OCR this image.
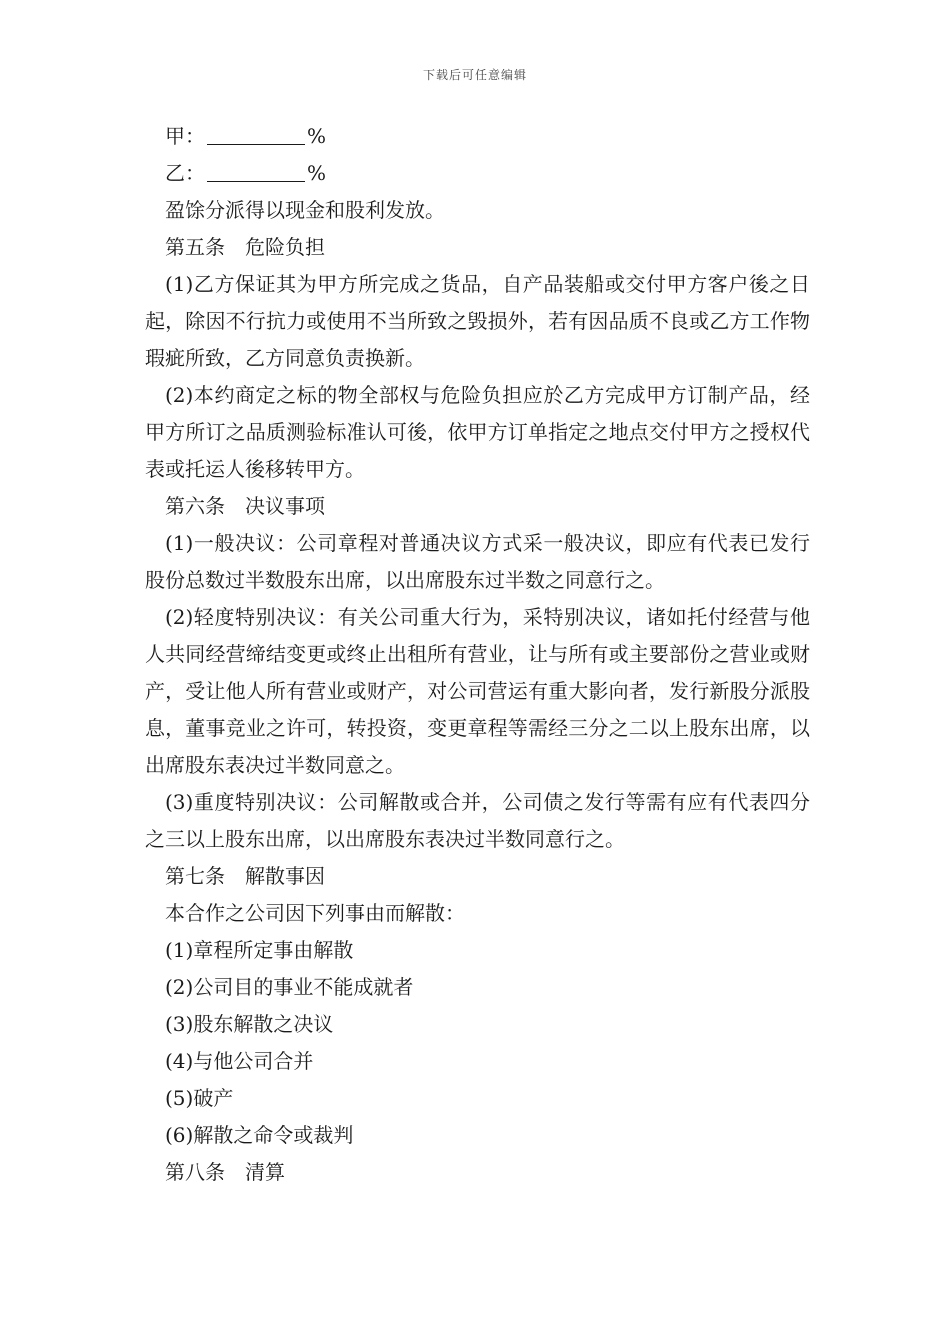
下载后可任意编辑

甲：	%

乙：	%

盈馀分派得以现金和股利发放。

第五条　危险负担

(1)乙方保证其为甲方所完成之货品，自产品装船或交付甲方客户後之日起，除因不行抗力或使用不当所致之毁损外，若有因品质不良或乙方工作物瑕疵所致，乙方同意负责换新。

(2)本约商定之标的物全部权与危险负担应於乙方完成甲方订制产品，经甲方所订之品质测验标准认可後，依甲方订单指定之地点交付甲方之授权代表或托运人後移转甲方。

第六条　决议事项

(1)一般决议：公司章程对普通决议方式采一般决议，即应有代表已发行股份总数过半数股东出席，以出席股东过半数之同意行之。

(2)轻度特别决议：有关公司重大行为，采特别决议，诸如托付经营与他人共同经营缔结变更或终止出租所有营业，让与所有或主要部份之营业或财产，受让他人所有营业或财产，对公司营运有重大影向者，发行新股分派股息，董事竞业之许可，转投资，变更章程等需经三分之二以上股东出席，以出席股东表决过半数同意之。

(3)重度特别决议：公司解散或合并，公司债之发行等需有应有代表四分之三以上股东出席，以出席股东表决过半数同意行之。

第七条　解散事因

本合作之公司因下列事由而解散：

(1)章程所定事由解散

(2)公司目的事业不能成就者

(3)股东解散之决议

(4)与他公司合并

(5)破产

(6)解散之命令或裁判

第八条　清算
